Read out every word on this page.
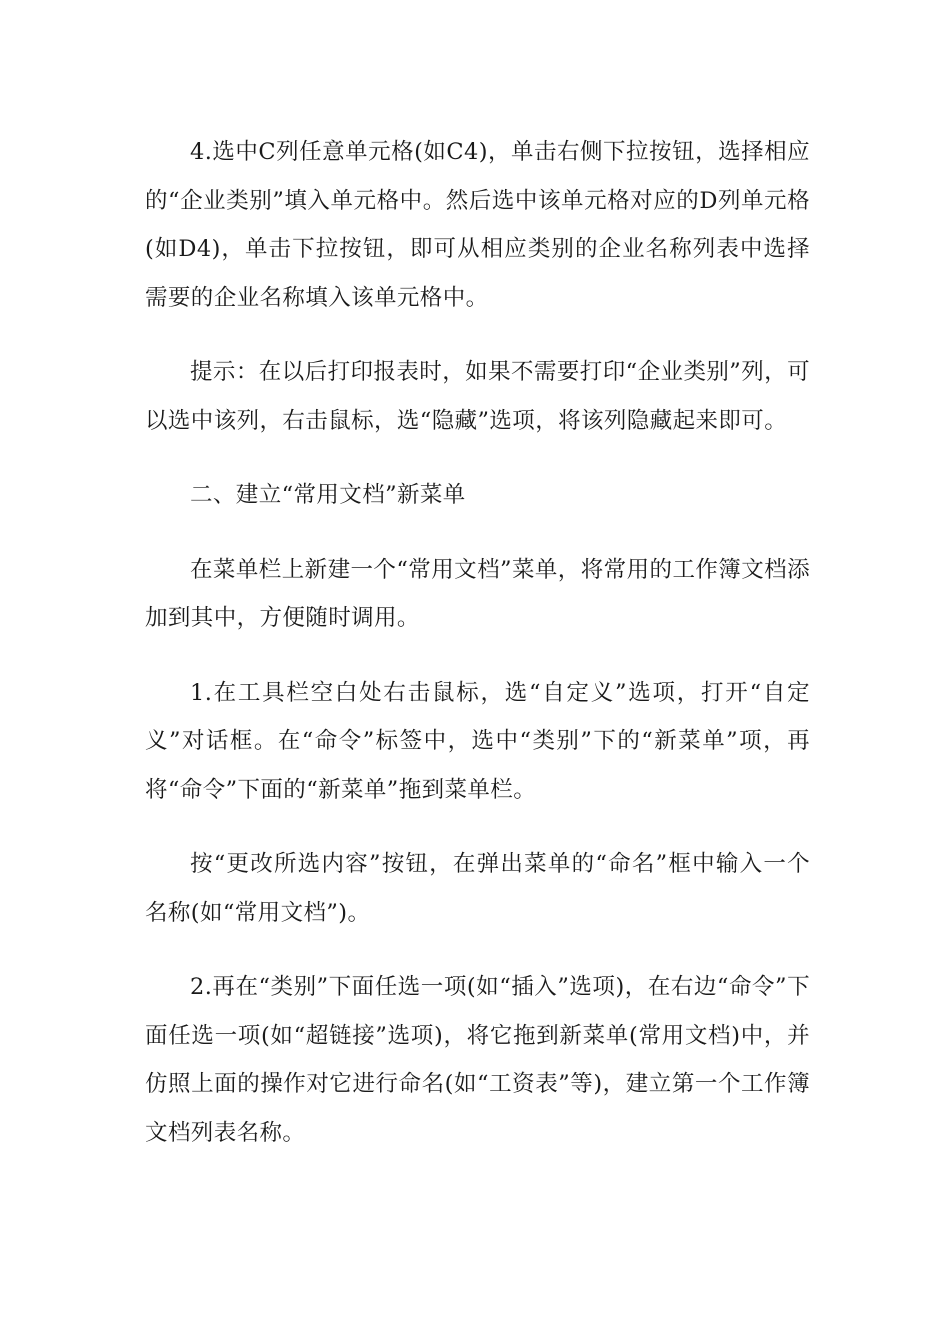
4.选中C列任意单元格(如C4)，单击右侧下拉按钮，选择相应的“企业类别”填入单元格中。然后选中该单元格对应的D列单元格(如D4)，单击下拉按钮，即可从相应类别的企业名称列表中选择需要的企业名称填入该单元格中。

提示：在以后打印报表时，如果不需要打印“企业类别”列，可以选中该列，右击鼠标，选“隐藏”选项，将该列隐藏起来即可。

二、建立“常用文档”新菜单

在菜单栏上新建一个“常用文档”菜单，将常用的工作簿文档添加到其中，方便随时调用。

1.在工具栏空白处右击鼠标，选“自定义”选项，打开“自定义”对话框。在“命令”标签中，选中“类别”下的“新菜单”项，再将“命令”下面的“新菜单”拖到菜单栏。

按“更改所选内容”按钮，在弹出菜单的“命名”框中输入一个名称(如“常用文档”)。

2.再在“类别”下面任选一项(如“插入”选项)，在右边“命令”下面任选一项(如“超链接”选项)，将它拖到新菜单(常用文档)中，并仿照上面的操作对它进行命名(如“工资表”等)，建立第一个工作簿文档列表名称。
